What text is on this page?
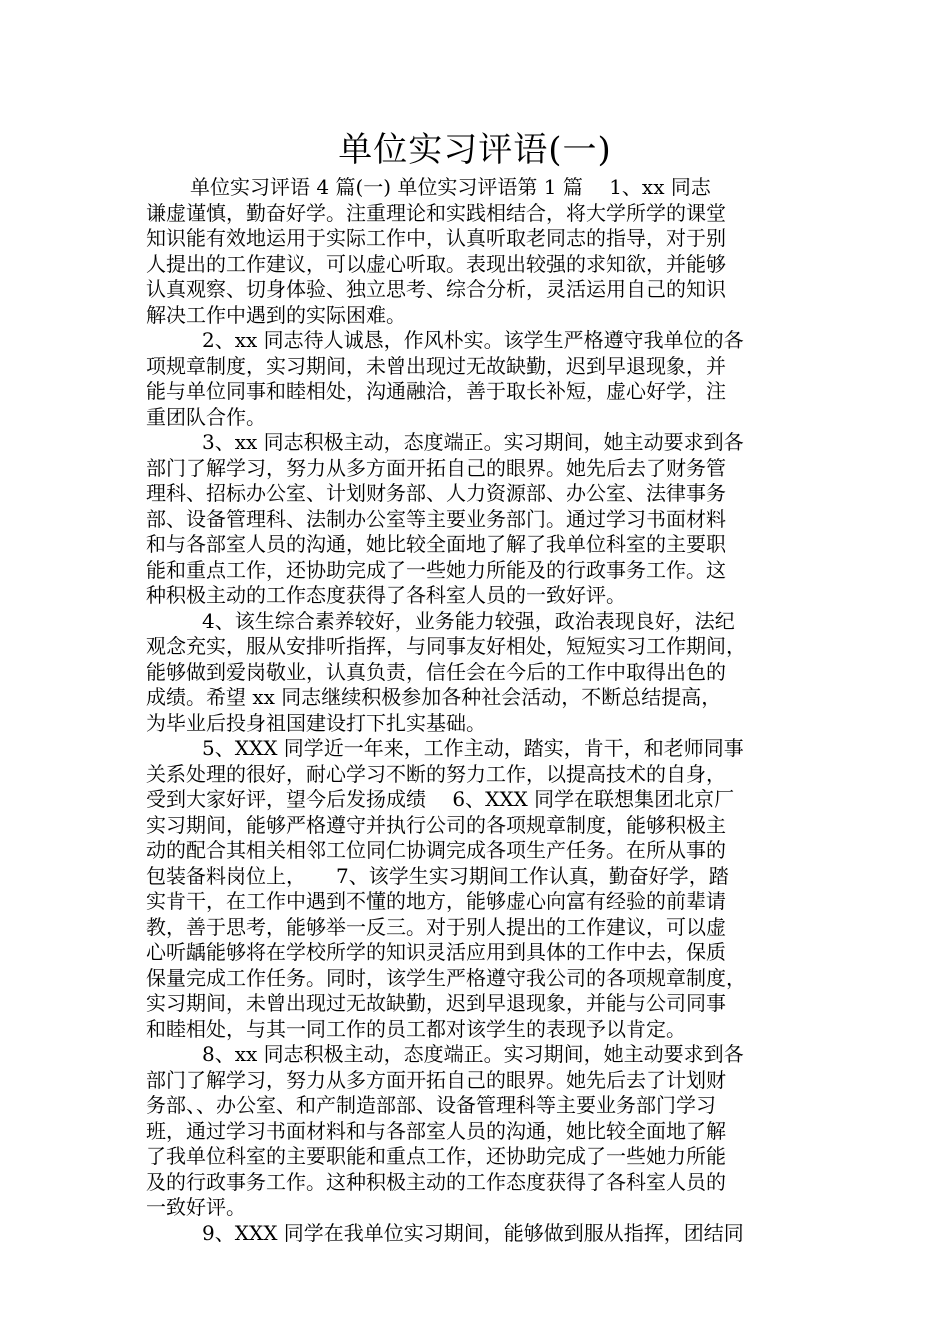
单位实习评语(一)
单位实习评语 4 篇(一) 单位实习评语第 1 篇　 1、xx 同志
谦虚谨慎，勤奋好学。注重理论和实践相结合，将大学所学的课堂
知识能有效地运用于实际工作中，认真听取老同志的指导，对于别
人提出的工作建议，可以虚心听取。表现出较强的求知欲，并能够
认真观察、切身体验、独立思考、综合分析，灵活运用自己的知识
解决工作中遇到的实际困难。
2、xx 同志待人诚恳，作风朴实。该学生严格遵守我单位的各
项规章制度，实习期间，未曾出现过无故缺勤，迟到早退现象，并
能与单位同事和睦相处，沟通融洽，善于取长补短，虚心好学，注
重团队合作。
3、xx 同志积极主动，态度端正。实习期间，她主动要求到各
部门了解学习，努力从多方面开拓自己的眼界。她先后去了财务管
理科、招标办公室、计划财务部、人力资源部、办公室、法律事务
部、设备管理科、法制办公室等主要业务部门。通过学习书面材料
和与各部室人员的沟通，她比较全面地了解了我单位科室的主要职
能和重点工作，还协助完成了一些她力所能及的行政事务工作。这
种积极主动的工作态度获得了各科室人员的一致好评。
4、该生综合素养较好，业务能力较强，政治表现良好，法纪
观念充实，服从安排听指挥，与同事友好相处，短短实习工作期间，
能够做到爱岗敬业，认真负责，信任会在今后的工作中取得出色的
成绩。希望 xx 同志继续积极参加各种社会活动，不断总结提高，
为毕业后投身祖国建设打下扎实基础。
5、XXX 同学近一年来，工作主动，踏实，肯干，和老师同事
关系处理的很好，耐心学习不断的努力工作，以提高技术的自身，
受到大家好评，望今后发扬成绩　 6、XXX 同学在联想集团北京厂
实习期间，能够严格遵守并执行公司的各项规章制度，能够积极主
动的配合其相关相邻工位同仁协调完成各项生产任务。在所从事的
包装备料岗位上，　　7、该学生实习期间工作认真，勤奋好学，踏
实肯干，在工作中遇到不懂的地方，能够虚心向富有经验的前辈请
教，善于思考，能够举一反三。对于别人提出的工作建议，可以虚
心听龋能够将在学校所学的知识灵活应用到具体的工作中去，保质
保量完成工作任务。同时，该学生严格遵守我公司的各项规章制度，
实习期间，未曾出现过无故缺勤，迟到早退现象，并能与公司同事
和睦相处，与其一同工作的员工都对该学生的表现予以肯定。
8、xx 同志积极主动，态度端正。实习期间，她主动要求到各
部门了解学习，努力从多方面开拓自己的眼界。她先后去了计划财
务部、、办公室、和产制造部部、设备管理科等主要业务部门学习
班，通过学习书面材料和与各部室人员的沟通，她比较全面地了解
了我单位科室的主要职能和重点工作，还协助完成了一些她力所能
及的行政事务工作。这种积极主动的工作态度获得了各科室人员的
一致好评。
9、XXX 同学在我单位实习期间，能够做到服从指挥，团结同
